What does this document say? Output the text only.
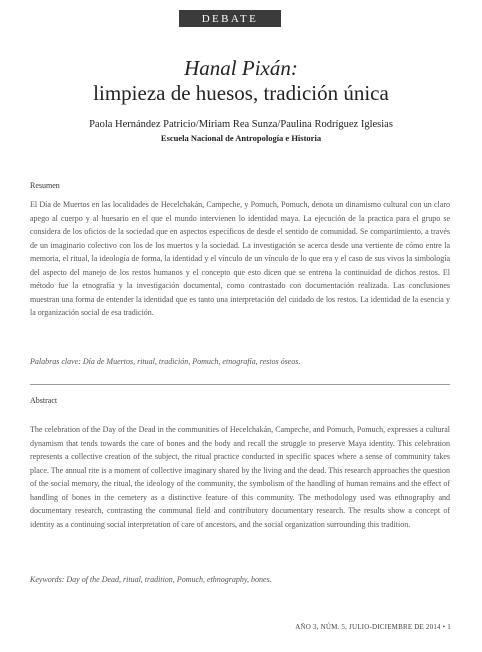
DEBATE
Hanal Pixán:
limpieza de huesos, tradición única
Paola Hernández Patricio/Miriam Rea Sunza/Paulina Rodríguez Iglesias
Escuela Nacional de Antropología e Historia
Resumen

El Día de Muertos en las localidades de Hecelchakán, Campeche, y Pomuch, Pomuch, denota un dinamismo cultural con un claro apego al cuerpo y al huesario en el que el mundo intervienen lo identidad maya. La ejecución de la practica para el grupo se considera de los oficios de la sociedad que en aspectos específicos de desde el sentido de comunidad. Se compartimiento, a través de un imaginario colectivo con los de los muertos y la sociedad. La investigación se acerca desde una vertiente de cómo entre la memoria, el ritual, la ideología de forma, la identidad y el vínculo de un vínculo de lo que era y el caso de sus vivos la simbología del aspecto del manejo de los restos humanos y el concepto que esto dicen que se entrena la continuidad de dichos restos. El método fue la etnografía y la investigación documental, como contrastado con documentación realizada. Las conclusiones muestran una forma de entender la identidad que es tanto una interpretación del cuidado de los restos. La identidad de la esencia y la organización social de esa tradición.

Palabras clave: Día de Muertos, ritual, tradición, Pomuch, etnografía, restos óseos.
Abstract

The celebration of the Day of the Dead in the communities of Hecelchakán, Campeche, and Pomuch, Pomuch, expresses a cultural dynamism that tends towards the care of bones and the body and recall the struggle to preserve Maya identity. This celebration represents a collective creation of the subject, the ritual practice conducted in specific spaces where a sense of community takes place. The annual rite is a moment of collective imaginary shared by the living and the dead. This research approaches the question of the social memory, the ritual, the ideology of the community, the symbolism of the handling of human remains and the effect of handling of bones in the cemetery as a distinctive feature of this community. The methodology used was ethnography and documentary research, contrasting the communal field and contributory documentary research. The results show a concept of identity as a continuing social interpretation of care of ancestors, and the social organization surrounding this tradition.

Keywords: Day of the Dead, ritual, tradition, Pomuch, ethnography, bones.
AÑO 3, NÚM. 5, JULIO-DICIEMBRE DE 2014 • 1
